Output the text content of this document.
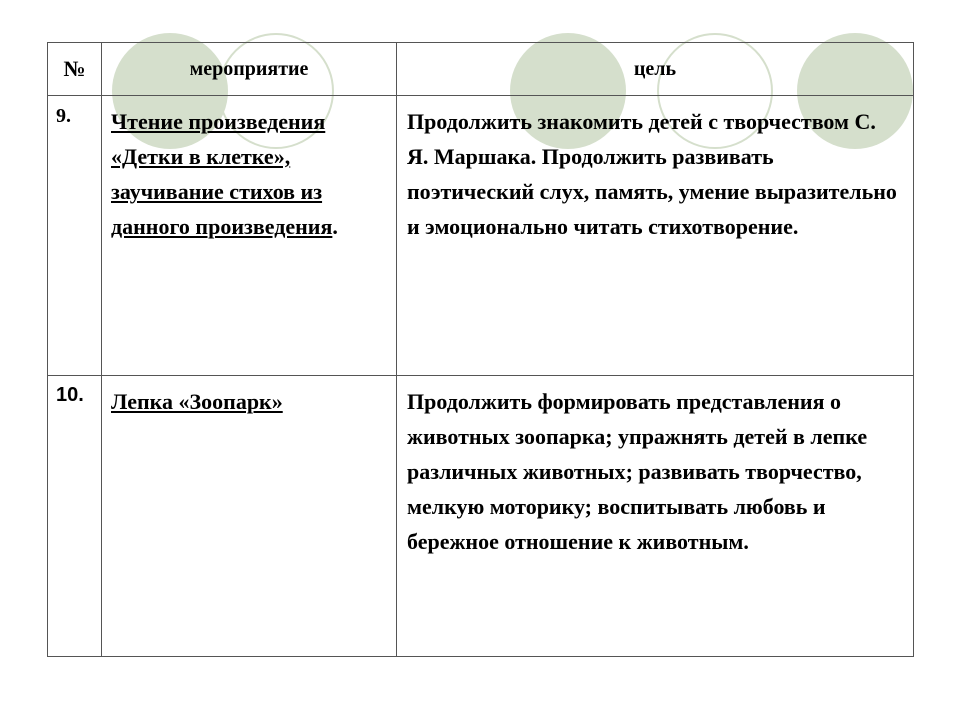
№	мероприятие	цель
9.	Чтение произведения «Детки в клетке», заучивание стихов из данного произведения.	Продолжить знакомить детей с творчеством С. Я. Маршака. Продолжить развивать поэтический слух, память, умение выразительно и эмоционально читать стихотворение.
10.	Лепка «Зоопарк»	Продолжить формировать представления о животных зоопарка; упражнять детей в лепке различных животных; развивать творчество, мелкую моторику; воспитывать любовь и бережное отношение к животным.
